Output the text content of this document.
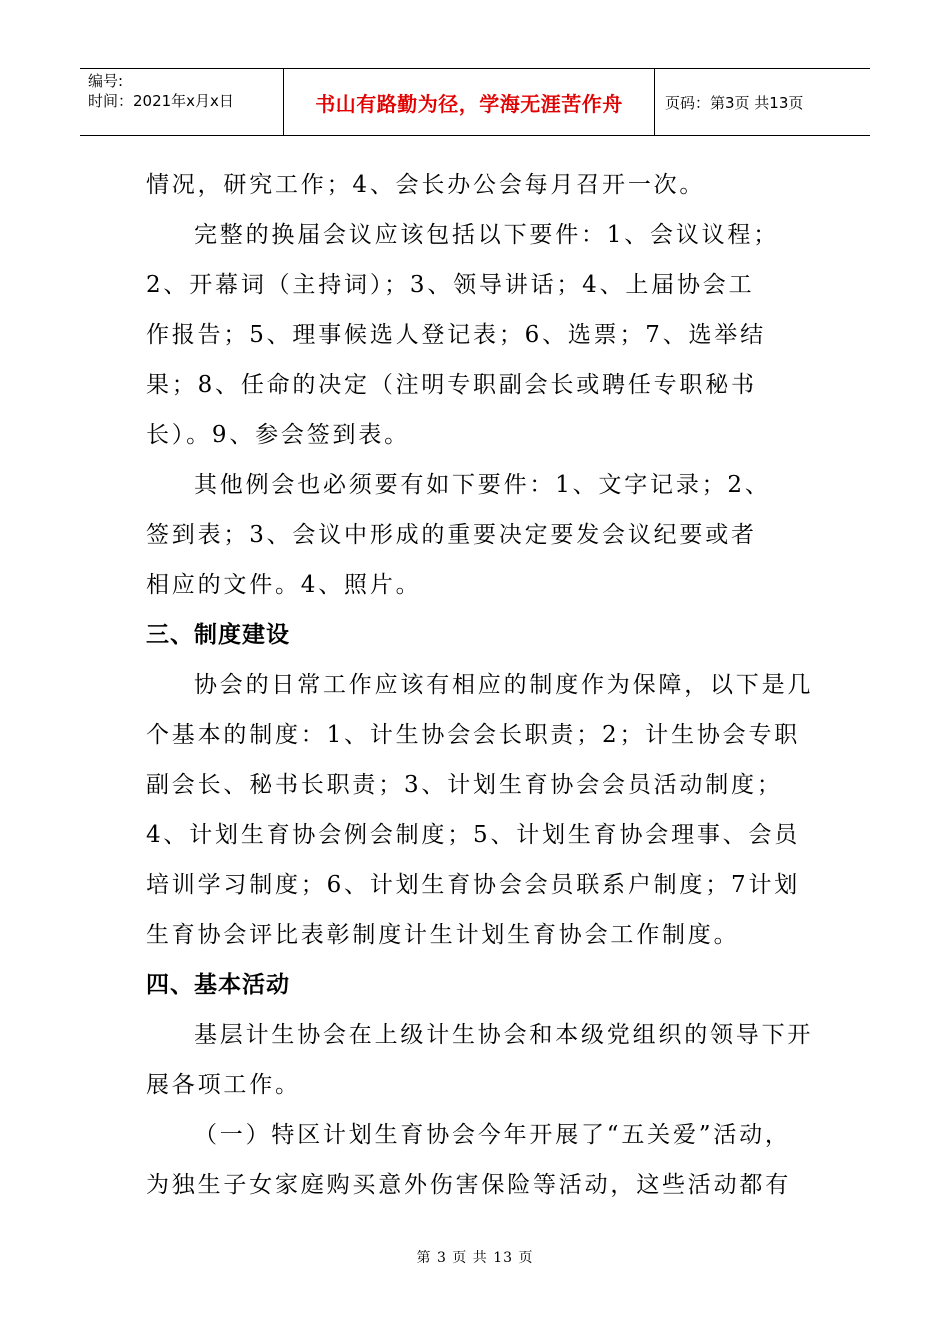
编号:
时间：2021年x月x日	书山有路勤为径，学海无涯苦作舟	页码：第3页 共13页
情况，研究工作；4、会长办公会每月召开一次。
完整的换届会议应该包括以下要件：1、会议议程；
2、开幕词（主持词）；3、领导讲话；4、上届协会工
作报告；5、理事候选人登记表；6、选票；7、选举结
果；8、任命的决定（注明专职副会长或聘任专职秘书
长）。9、参会签到表。
其他例会也必须要有如下要件：1、文字记录；2、
签到表；3、会议中形成的重要决定要发会议纪要或者
相应的文件。4、照片。
三、制度建设
协会的日常工作应该有相应的制度作为保障，以下是几
个基本的制度：1、计生协会会长职责；2；计生协会专职
副会长、秘书长职责；3、计划生育协会会员活动制度；
4、计划生育协会例会制度；5、计划生育协会理事、会员
培训学习制度；6、计划生育协会会员联系户制度；7计划
生育协会评比表彰制度计生计划生育协会工作制度。
四、基本活动
基层计生协会在上级计生协会和本级党组织的领导下开
展各项工作。
（一）特区计划生育协会今年开展了“五关爱”活动，
为独生子女家庭购买意外伤害保险等活动，这些活动都有
第 3 页 共 13 页
